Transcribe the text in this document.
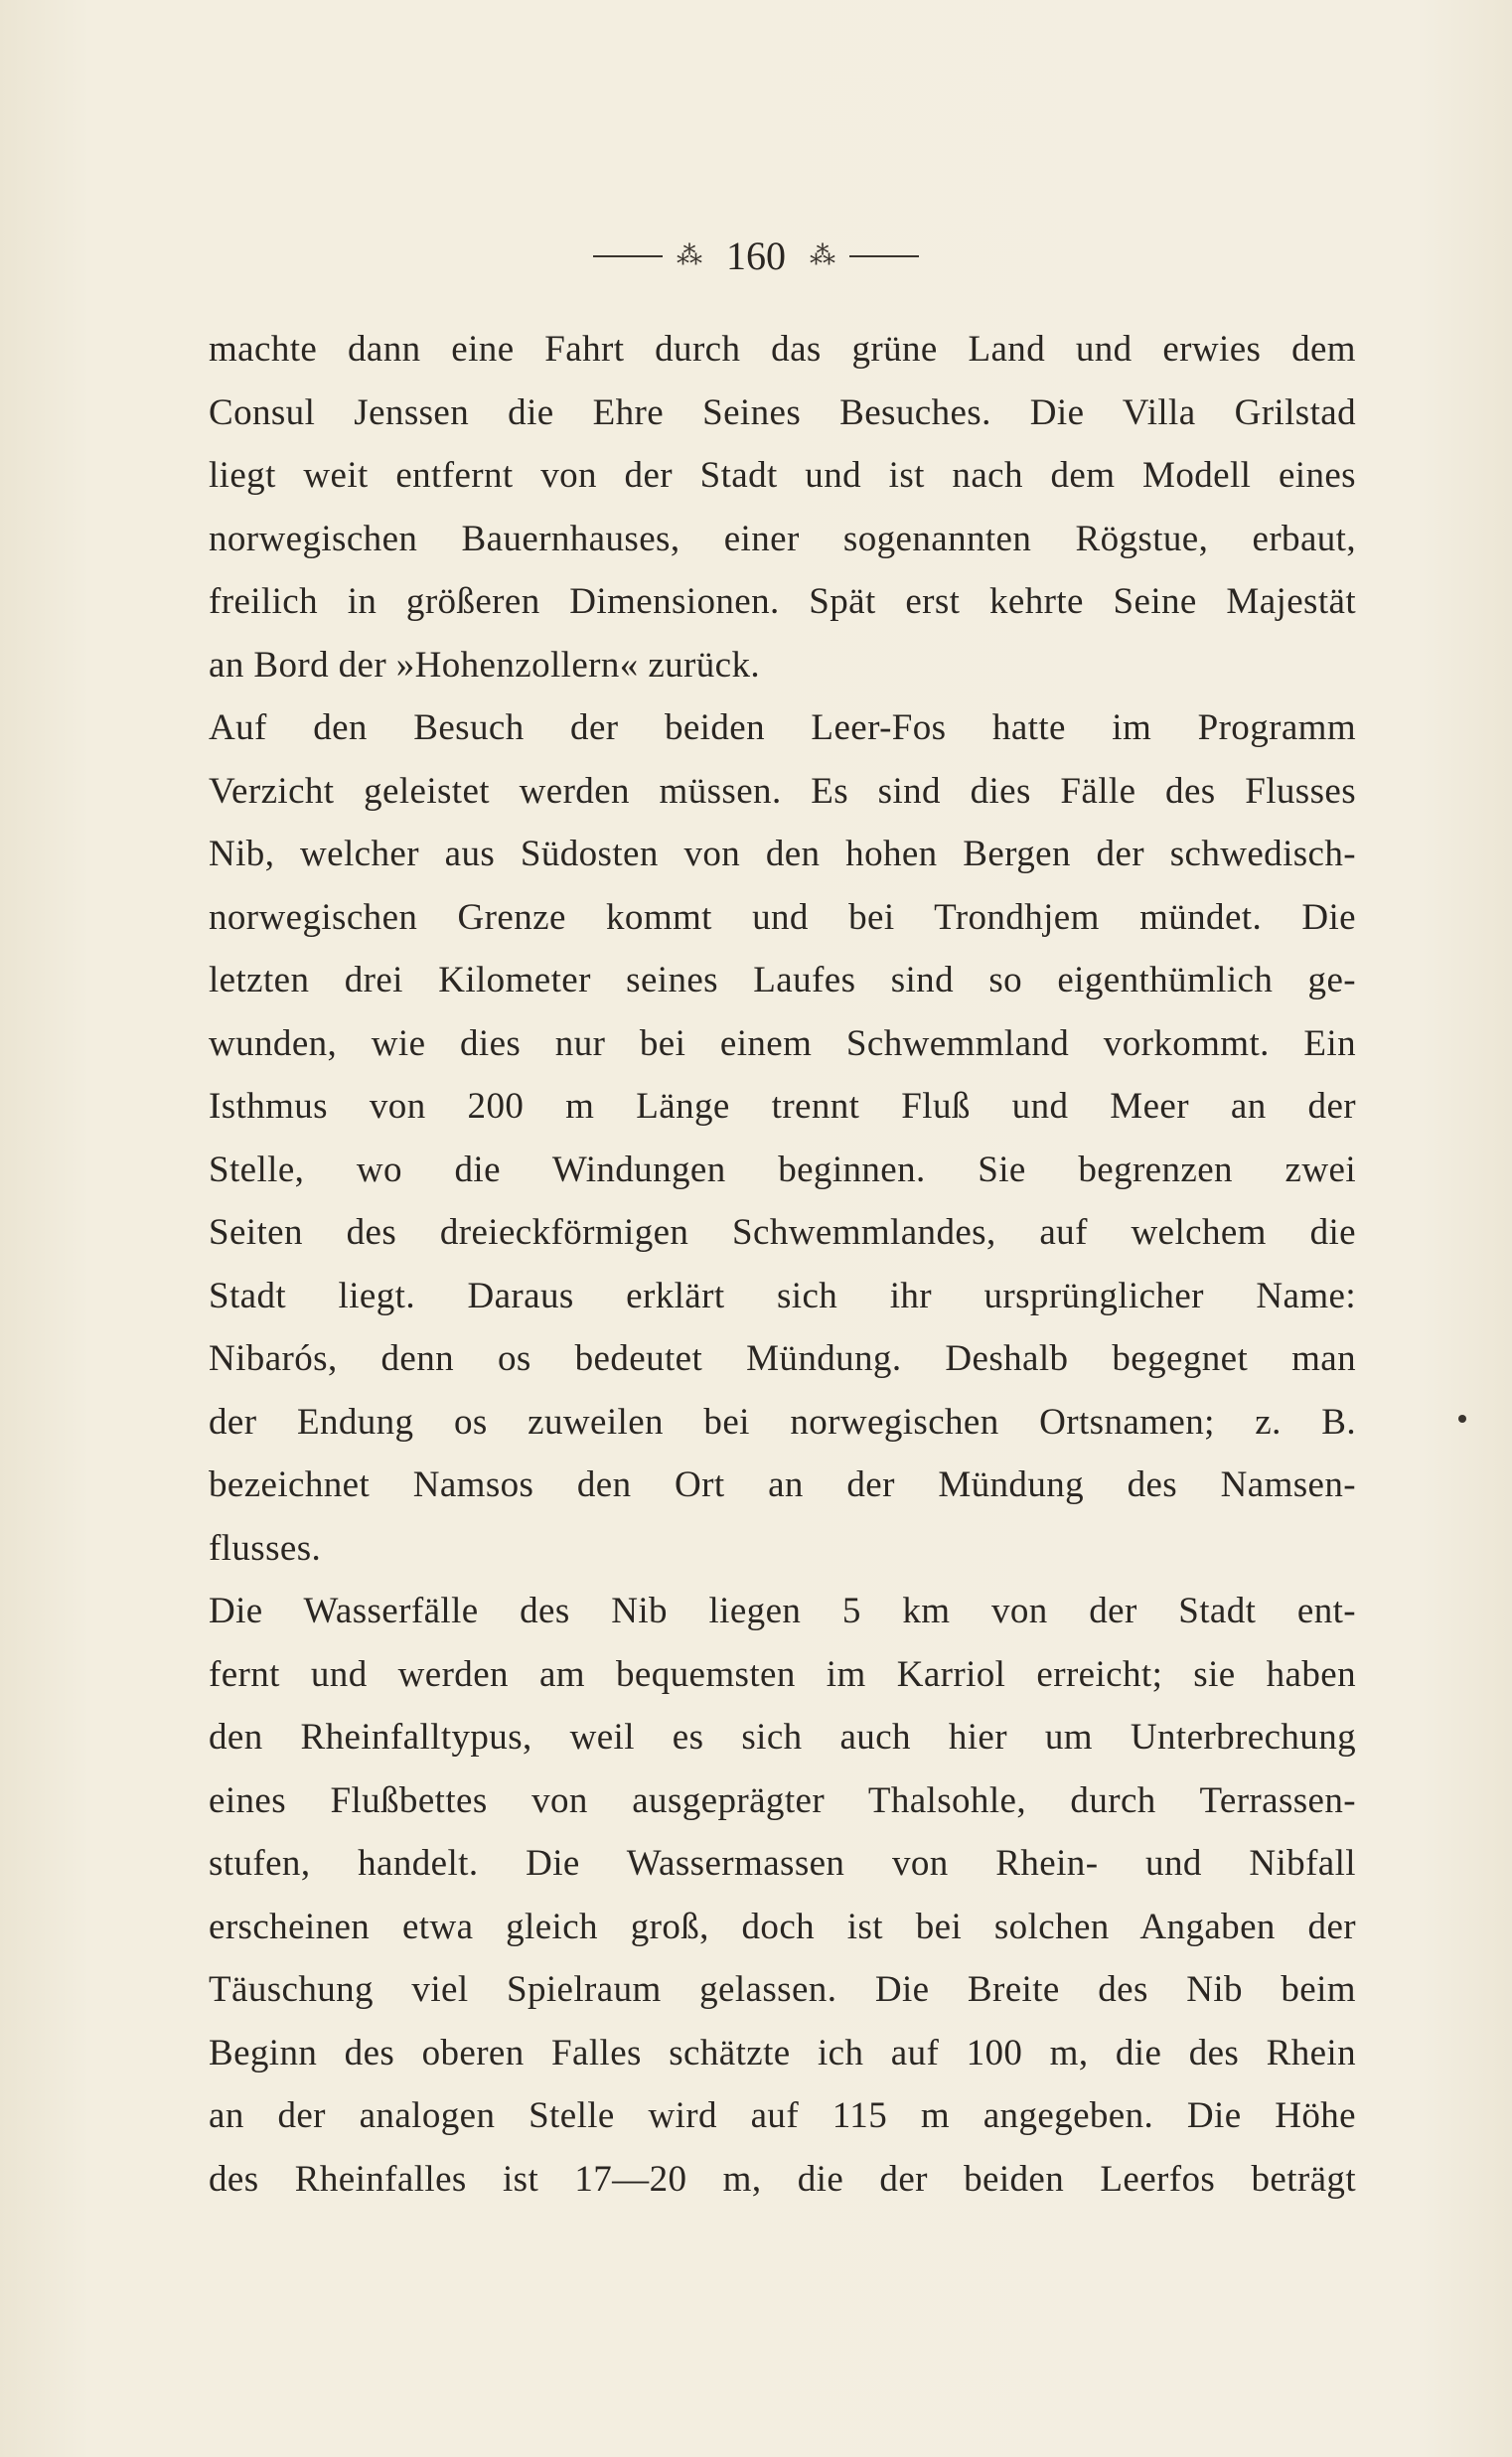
⁂ 160 ⁂
machte dann eine Fahrt durch das grüne Land und erwies dem
Consul Jenssen die Ehre Seines Besuches. Die Villa Grilstad
liegt weit entfernt von der Stadt und ist nach dem Modell eines
norwegischen Bauernhauses, einer sogenannten Rögstue, erbaut,
freilich in größeren Dimensionen. Spät erst kehrte Seine Majestät
an Bord der »Hohenzollern« zurück.
Auf den Besuch der beiden Leer-Fos hatte im Programm
Verzicht geleistet werden müssen. Es sind dies Fälle des Flusses
Nib, welcher aus Südosten von den hohen Bergen der schwedisch-
norwegischen Grenze kommt und bei Trondhjem mündet. Die
letzten drei Kilometer seines Laufes sind so eigenthümlich ge-
wunden, wie dies nur bei einem Schwemmland vorkommt. Ein
Isthmus von 200 m Länge trennt Fluß und Meer an der
Stelle, wo die Windungen beginnen. Sie begrenzen zwei
Seiten des dreieckförmigen Schwemmlandes, auf welchem die
Stadt liegt. Daraus erklärt sich ihr ursprünglicher Name:
Nibarós, denn os bedeutet Mündung. Deshalb begegnet man
der Endung os zuweilen bei norwegischen Ortsnamen; z. B.
bezeichnet Namsos den Ort an der Mündung des Namsen-
flusses.
Die Wasserfälle des Nib liegen 5 km von der Stadt ent-
fernt und werden am bequemsten im Karriol erreicht; sie haben
den Rheinfalltypus, weil es sich auch hier um Unterbrechung
eines Flußbettes von ausgeprägter Thalsohle, durch Terrassen-
stufen, handelt. Die Wassermassen von Rhein- und Nibfall
erscheinen etwa gleich groß, doch ist bei solchen Angaben der
Täuschung viel Spielraum gelassen. Die Breite des Nib beim
Beginn des oberen Falles schätzte ich auf 100 m, die des Rhein
an der analogen Stelle wird auf 115 m angegeben. Die Höhe
des Rheinfalles ist 17—20 m, die der beiden Leerfos beträgt
